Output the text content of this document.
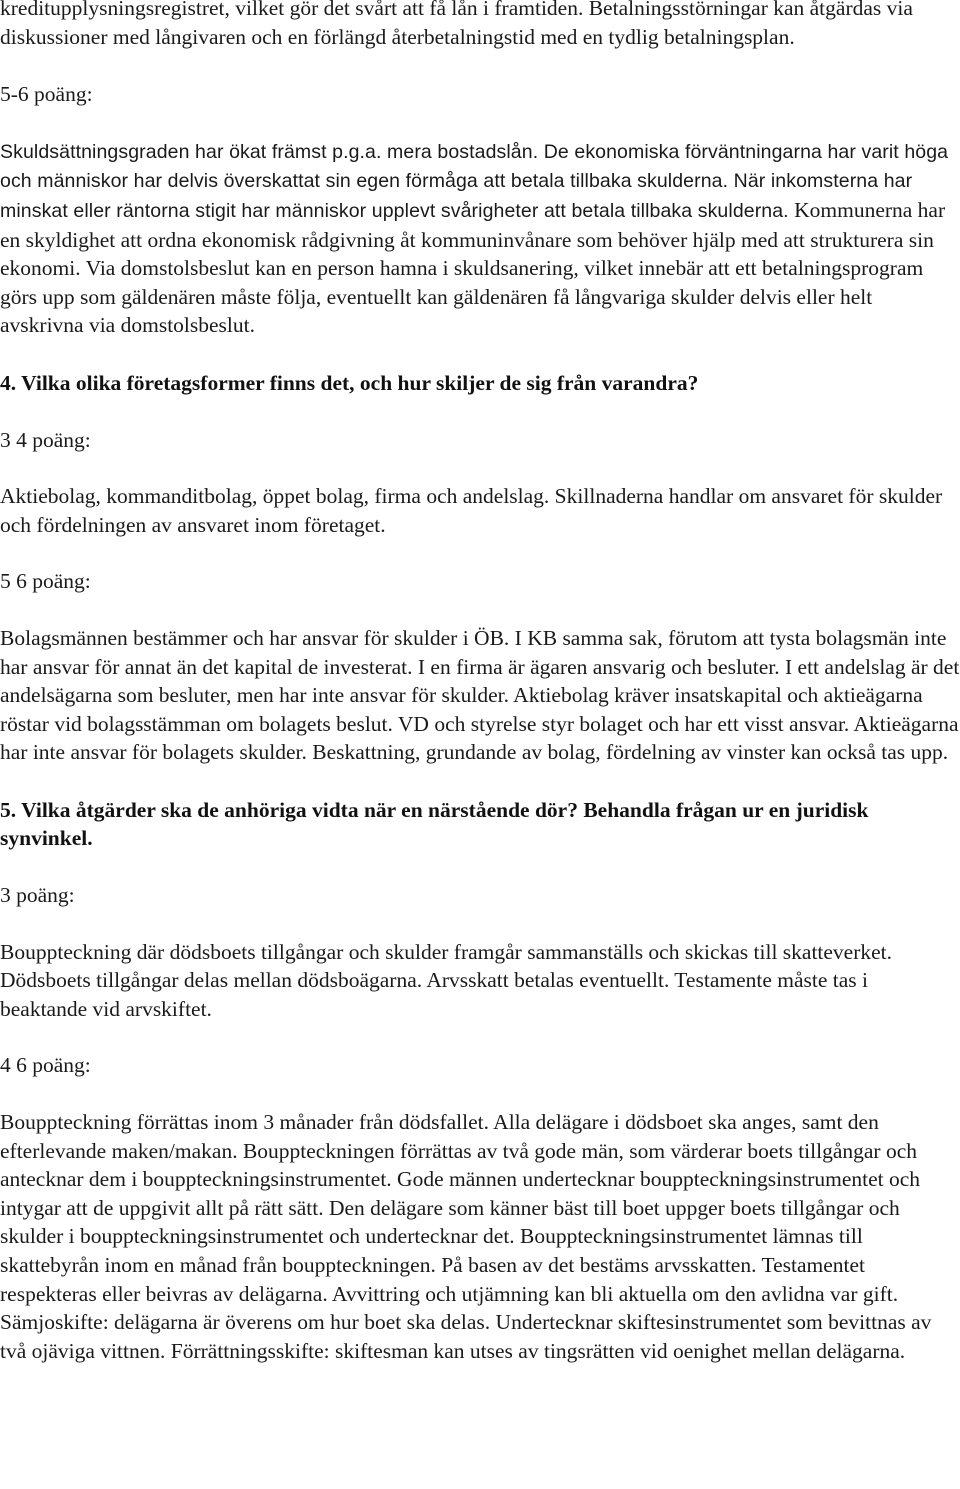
kreditupplysningsregistret, vilket gör det svårt att få lån i framtiden. Betalningsstörningar kan åtgärdas via diskussioner med långivaren och en förlängd återbetalningstid med en tydlig betalningsplan.

5-6 poäng:

Skuldsättningsgraden har ökat främst p.g.a. mera bostadslån. De ekonomiska förväntningarna har varit höga och människor har delvis överskattat sin egen förmåga att betala tillbaka skulderna. När inkomsterna har minskat eller räntorna stigit har människor upplevt svårigheter att betala tillbaka skulderna. Kommunerna har en skyldighet att ordna ekonomisk rådgivning åt kommuninvånare som behöver hjälp med att strukturera sin ekonomi. Via domstolsbeslut kan en person hamna i skuldsanering, vilket innebär att ett betalningsprogram görs upp som gäldenären måste följa, eventuellt kan gäldenären få långvariga skulder delvis eller helt avskrivna via domstolsbeslut.

4. Vilka olika företagsformer finns det, och hur skiljer de sig från varandra?

3 4 poäng:

Aktiebolag, kommanditbolag, öppet bolag, firma och andelslag. Skillnaderna handlar om ansvaret för skulder och fördelningen av ansvaret inom företaget.

5 6 poäng:

Bolagsmännen bestämmer och har ansvar för skulder i ÖB. I KB samma sak, förutom att tysta bolagsmän inte har ansvar för annat än det kapital de investerat. I en firma är ägaren ansvarig och besluter. I ett andelslag är det andelsägarna som besluter, men har inte ansvar för skulder. Aktiebolag kräver insatskapital och aktieägarna röstar vid bolagsstämman om bolagets beslut. VD och styrelse styr bolaget och har ett visst ansvar. Aktieägarna har inte ansvar för bolagets skulder. Beskattning, grundande av bolag, fördelning av vinster kan också tas upp.

5. Vilka åtgärder ska de anhöriga vidta när en närstående dör? Behandla frågan ur en juridisk synvinkel.

3 poäng:

Bouppteckning där dödsboets tillgångar och skulder framgår sammanställs och skickas till skatteverket. Dödsboets tillgångar delas mellan dödsboägarna. Arvsskatt betalas eventuellt. Testamente måste tas i beaktande vid arvskiftet.

4 6 poäng:

Bouppteckning förrättas inom 3 månader från dödsfallet. Alla delägare i dödsboet ska anges, samt den efterlevande maken/makan. Bouppteckningen förrättas av två gode män, som värderar boets tillgångar och antecknar dem i bouppteckningsinstrumentet. Gode männen undertecknar bouppteckningsinstrumentet och intygar att de uppgivit allt på rätt sätt. Den delägare som känner bäst till boet uppger boets tillgångar och skulder i bouppteckningsinstrumentet och undertecknar det. Bouppteckningsinstrumentet lämnas till skattebyrån inom en månad från bouppteckningen. På basen av det bestäms arvsskatten. Testamentet respekteras eller beivras av delägarna. Avvittring och utjämning kan bli aktuella om den avlidna var gift. Sämjoskifte: delägarna är överens om hur boet ska delas. Undertecknar skiftesinstrumentet som bevittnas av två ojäviga vittnen. Förrättningsskifte: skiftesman kan utses av tingsrätten vid oenighet mellan delägarna.
